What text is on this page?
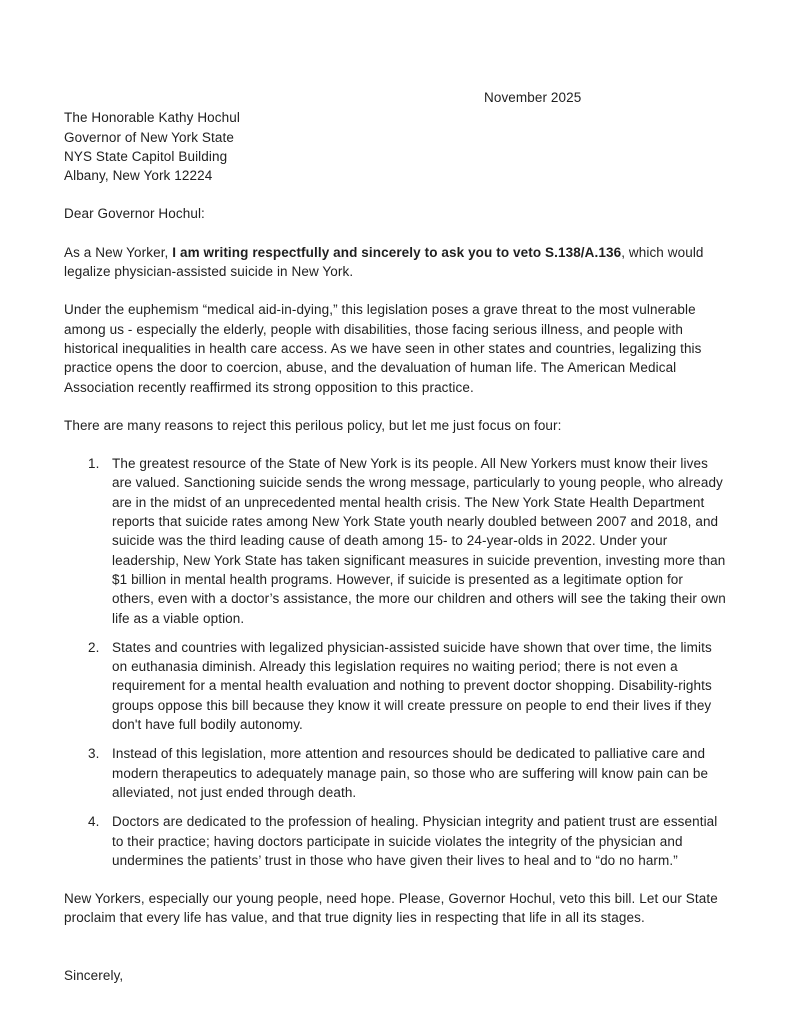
November 2025
The Honorable Kathy Hochul
Governor of New York State
NYS State Capitol Building
Albany, New York 12224
Dear Governor Hochul:
As a New Yorker, I am writing respectfully and sincerely to ask you to veto S.138/A.136, which would legalize physician-assisted suicide in New York.
Under the euphemism “medical aid-in-dying,” this legislation poses a grave threat to the most vulnerable among us - especially the elderly, people with disabilities, those facing serious illness, and people with historical inequalities in health care access. As we have seen in other states and countries, legalizing this practice opens the door to coercion, abuse, and the devaluation of human life. The American Medical Association recently reaffirmed its strong opposition to this practice.
There are many reasons to reject this perilous policy, but let me just focus on four:
1. The greatest resource of the State of New York is its people. All New Yorkers must know their lives are valued. Sanctioning suicide sends the wrong message, particularly to young people, who already are in the midst of an unprecedented mental health crisis. The New York State Health Department reports that suicide rates among New York State youth nearly doubled between 2007 and 2018, and suicide was the third leading cause of death among 15- to 24-year-olds in 2022. Under your leadership, New York State has taken significant measures in suicide prevention, investing more than $1 billion in mental health programs. However, if suicide is presented as a legitimate option for others, even with a doctor’s assistance, the more our children and others will see the taking their own life as a viable option.
2. States and countries with legalized physician-assisted suicide have shown that over time, the limits on euthanasia diminish. Already this legislation requires no waiting period; there is not even a requirement for a mental health evaluation and nothing to prevent doctor shopping. Disability-rights groups oppose this bill because they know it will create pressure on people to end their lives if they don't have full bodily autonomy.
3. Instead of this legislation, more attention and resources should be dedicated to palliative care and modern therapeutics to adequately manage pain, so those who are suffering will know pain can be alleviated, not just ended through death.
4. Doctors are dedicated to the profession of healing. Physician integrity and patient trust are essential to their practice; having doctors participate in suicide violates the integrity of the physician and undermines the patients’ trust in those who have given their lives to heal and to “do no harm.”
New Yorkers, especially our young people, need hope. Please, Governor Hochul, veto this bill. Let our State proclaim that every life has value, and that true dignity lies in respecting that life in all its stages.
Sincerely,
